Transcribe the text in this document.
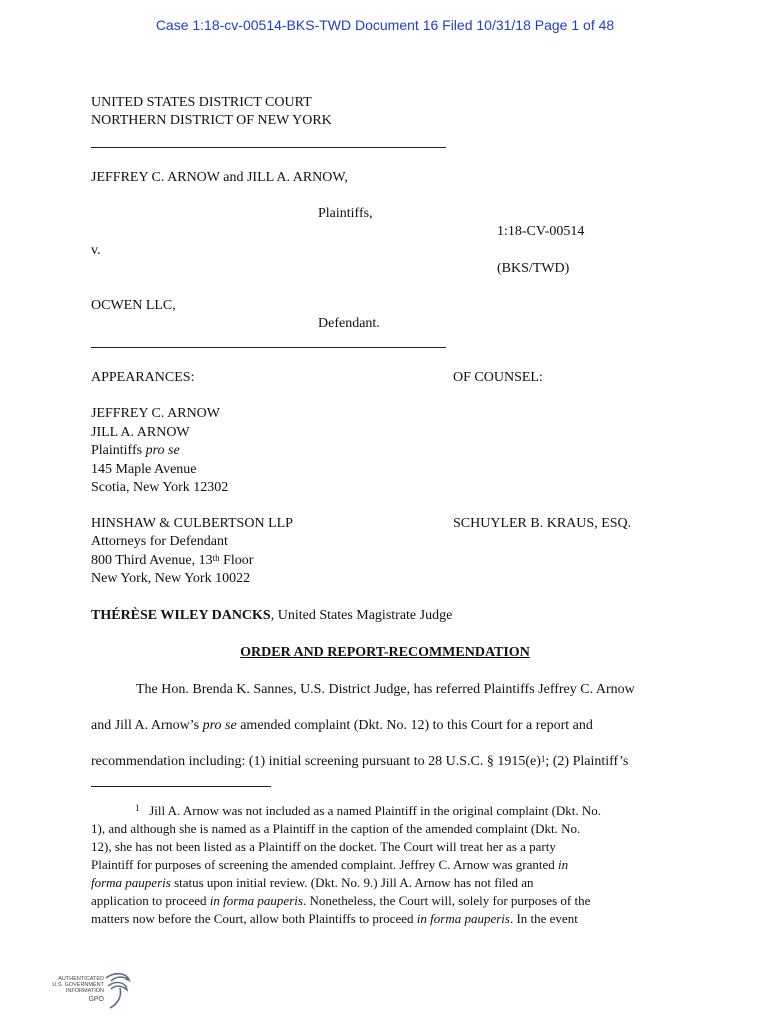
Case 1:18-cv-00514-BKS-TWD Document 16 Filed 10/31/18 Page 1 of 48
UNITED STATES DISTRICT COURT
NORTHERN DISTRICT OF NEW YORK
JEFFREY C. ARNOW and JILL A. ARNOW,
Plaintiffs,
1:18-CV-00514
v.
(BKS/TWD)
OCWEN LLC,
Defendant.
APPEARANCES:	OF COUNSEL:
JEFFREY C. ARNOW
JILL A. ARNOW
Plaintiffs pro se
145 Maple Avenue
Scotia, New York 12302
HINSHAW & CULBERTSON LLP	SCHUYLER B. KRAUS, ESQ.
Attorneys for Defendant
800 Third Avenue, 13th Floor
New York, New York 10022
THÉRÈSE WILEY DANCKS, United States Magistrate Judge
ORDER AND REPORT-RECOMMENDATION
The Hon. Brenda K. Sannes, U.S. District Judge, has referred Plaintiffs Jeffrey C. Arnow
and Jill A. Arnow’s pro se amended complaint (Dkt. No. 12) to this Court for a report and
recommendation including: (1) initial screening pursuant to 28 U.S.C. § $1915(e)^1$; (2) Plaintiff’s
$^1$ Jill A. Arnow was not included as a named Plaintiff in the original complaint (Dkt. No.
1), and although she is named as a Plaintiff in the caption of the amended complaint (Dkt. No.
12), she has not been listed as a Plaintiff on the docket. The Court will treat her as a party
Plaintiff for purposes of screening the amended complaint. Jeffrey C. Arnow was granted in
forma pauperis status upon initial review. (Dkt. No. 9.) Jill A. Arnow has not filed an
application to proceed in forma pauperis. Nonetheless, the Court will, solely for purposes of the
matters now before the Court, allow both Plaintiffs to proceed in forma pauperis. In the event
AUTHENTICATED
U.S. GOVERNMENT
INFORMATION
GPO
